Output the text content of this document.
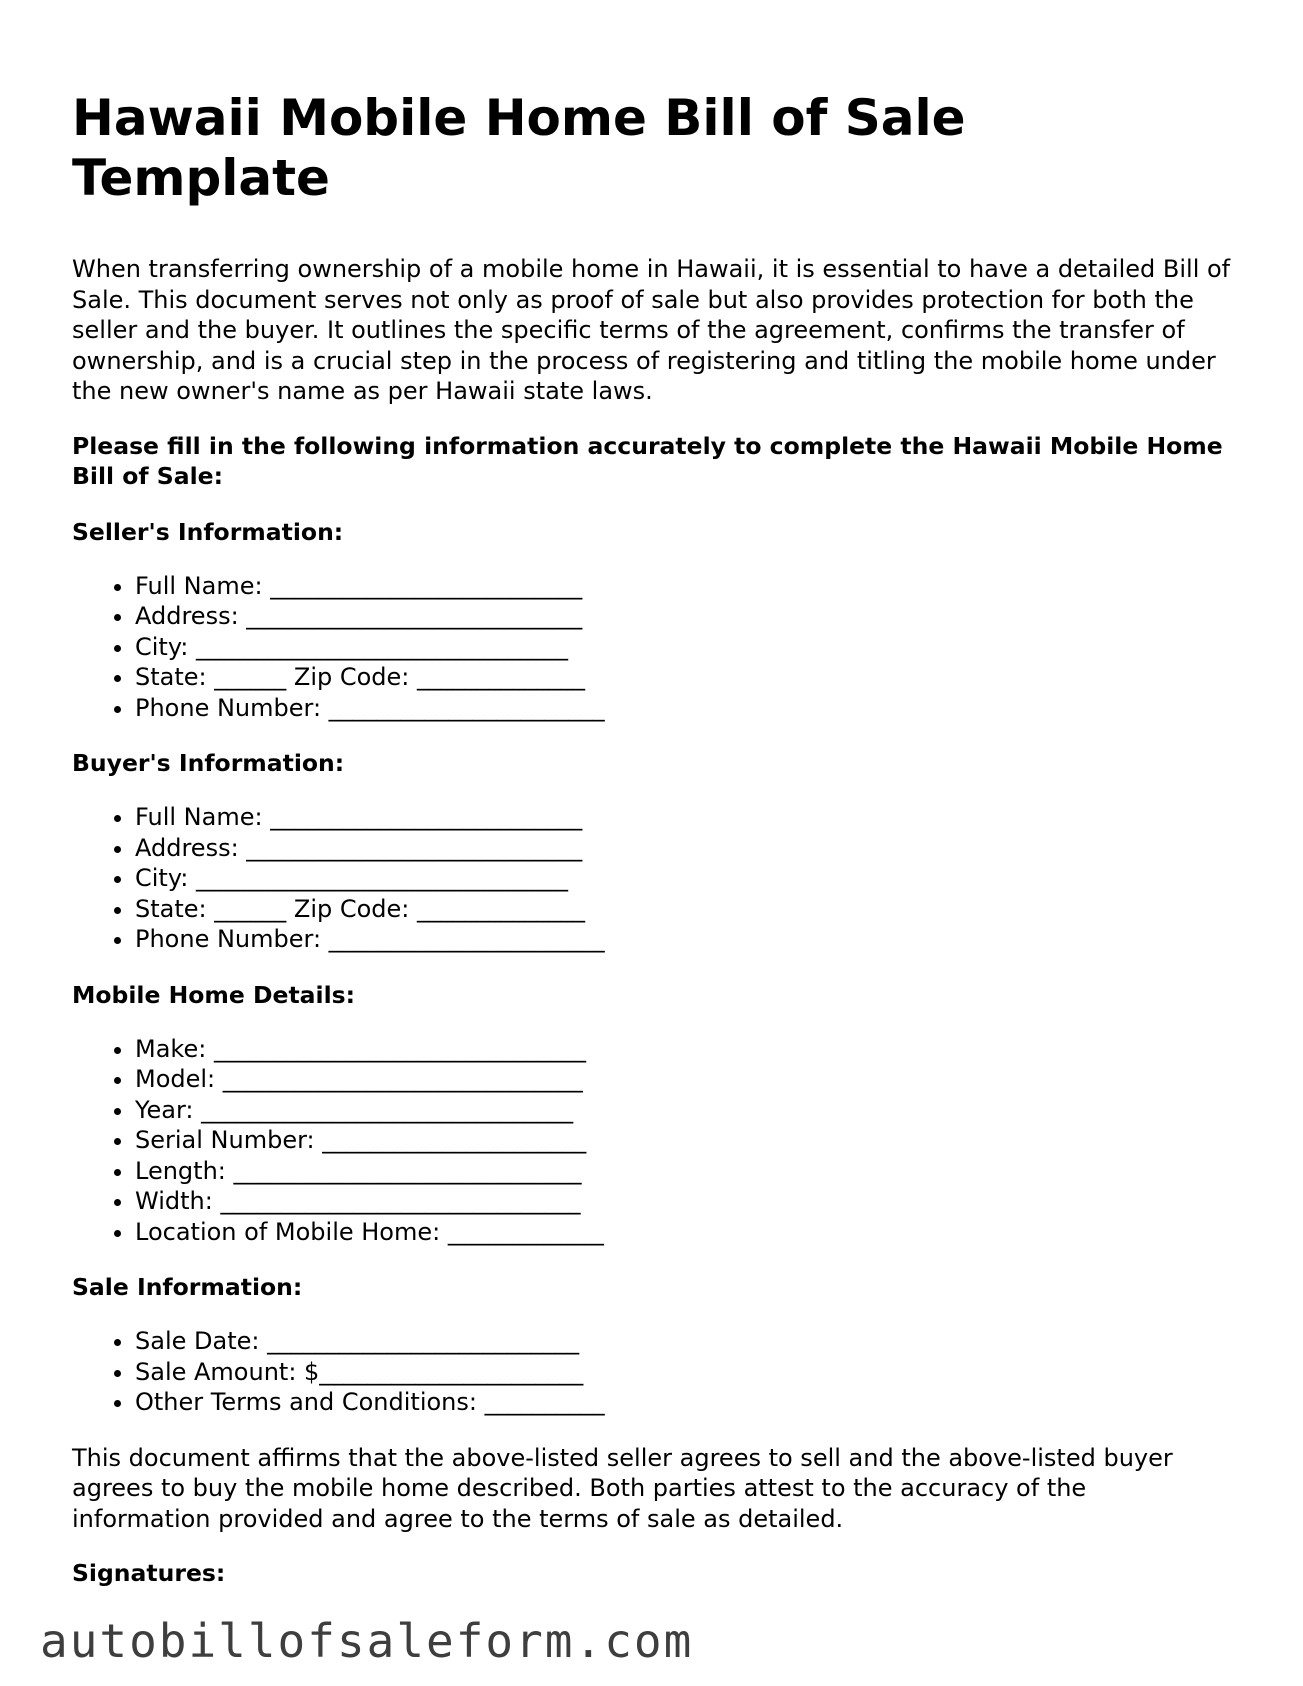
Hawaii Mobile Home Bill of Sale Template

When transferring ownership of a mobile home in Hawaii, it is essential to have a detailed Bill of Sale. This document serves not only as proof of sale but also provides protection for both the seller and the buyer. It outlines the specific terms of the agreement, confirms the transfer of ownership, and is a crucial step in the process of registering and titling the mobile home under the new owner's name as per Hawaii state laws.

Please fill in the following information accurately to complete the Hawaii Mobile Home Bill of Sale:

Seller's Information:
• Full Name: __________________________
• Address: ____________________________
• City: _______________________________
• State: ______ Zip Code: ______________
• Phone Number: _______________________
Buyer's Information:
• Full Name: __________________________
• Address: ____________________________
• City: _______________________________
• State: ______ Zip Code: ______________
• Phone Number: _______________________
Mobile Home Details:
• Make: _______________________________
• Model: ______________________________
• Year: _______________________________
• Serial Number: ______________________
• Length: _____________________________
• Width: ______________________________
• Location of Mobile Home: _____________
Sale Information:
• Sale Date: __________________________
• Sale Amount: $______________________
• Other Terms and Conditions: __________

This document affirms that the above-listed seller agrees to sell and the above-listed buyer agrees to buy the mobile home described. Both parties attest to the accuracy of the information provided and agree to the terms of sale as detailed.

Signatures:
autobillofsaleform.com
